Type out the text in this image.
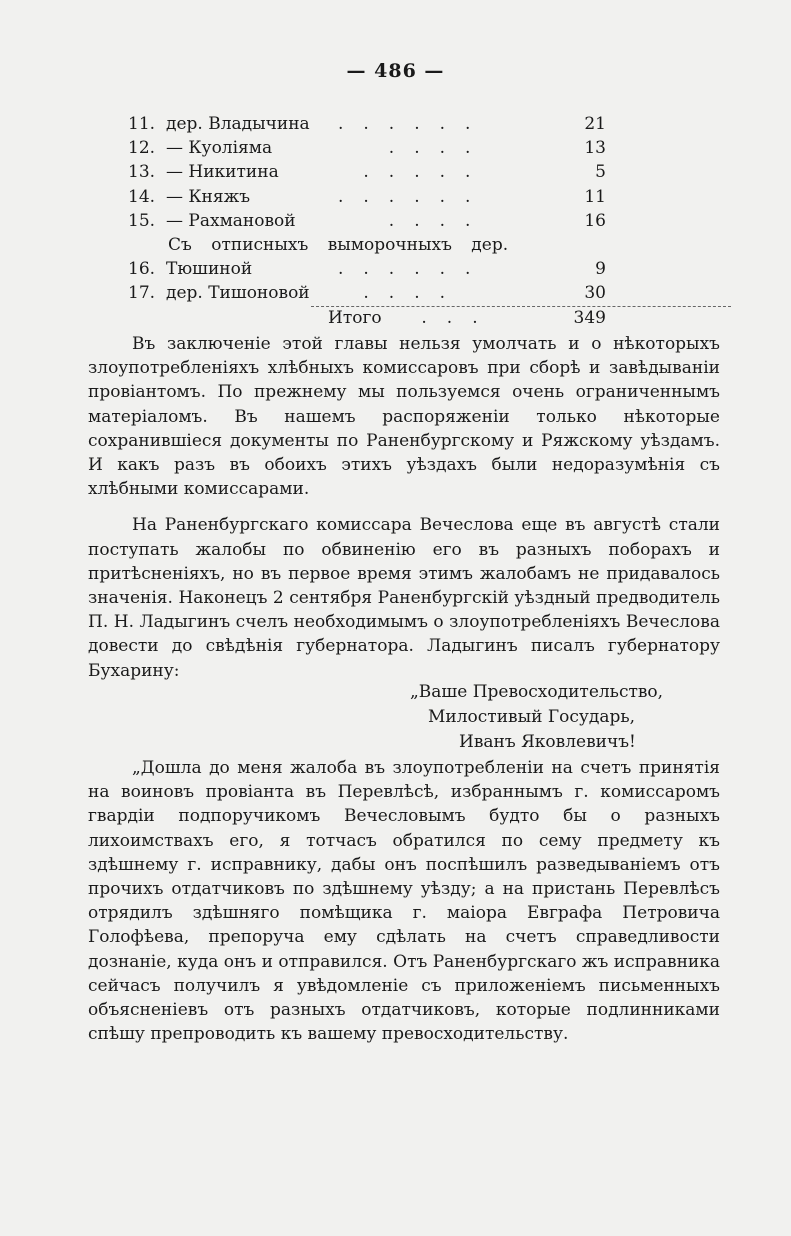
— 486 —
11. дер. Владычина ......	21
12. — Куоліяма	....	13
13. — Никитина	.....	5
14. — Княжъ	......	11
15. — Рахмановой ....	16
Съ отписныхъ выморочныхъ дер.
16. Тюшиной	......	9
17. дер. Тишоновой ....	30
Итого ...	349

Въ заключеніе этой главы нельзя умолчать и о нѣкоторыхъ злоупотребленіяхъ хлѣбныхъ комиссаровъ при сборѣ и завѣдываніи провіантомъ. По прежнему мы пользуемся очень ограниченнымъ матеріаломъ. Въ нашемъ распоряженіи только нѣкоторые сохранившіеся документы по Раненбургскому и Ряжскому уѣздамъ. И какъ разъ въ обоихъ этихъ уѣздахъ были недоразумѣнія съ хлѣбными комиссарами.

На Раненбургскаго комиссара Вечеслова еще въ августѣ стали поступать жалобы по обвиненію его въ разныхъ поборахъ и притѣсненіяхъ, но въ первое время этимъ жалобамъ не придавалось значенія. Наконецъ 2 сентября Раненбургскій уѣздный предводитель П. Н. Ладыгинъ счелъ необходимымъ о злоупотребленіяхъ Вечеслова довести до свѣдѣнія губернатора. Ладыгинъ писалъ губернатору Бухарину:

„Ваше Превосходительство,
Милостивый Государь,
Иванъ Яковлевичъ!

„Дошла до меня жалоба въ злоупотребленіи на счетъ принятія на воиновъ провіанта въ Перевлѣсѣ, избраннымъ г. комиссаромъ гвардіи подпоручикомъ Вечесловымъ будто бы о разныхъ лихоимствахъ его, я тотчасъ обратился по сему предмету къ здѣшнему г. исправнику, дабы онъ поспѣшилъ разведываніемъ отъ прочихъ отдатчиковъ по здѣшнему уѣзду; а на пристань Перевлѣсъ отрядилъ здѣшняго помѣщика г. маіора Евграфа Петровича Голофѣева, препоруча ему сдѣлать на счетъ справедливости дознаніе, куда онъ и отправился. Отъ Раненбургскаго жъ исправника сейчасъ получилъ я увѣдомленіе съ приложеніемъ письменныхъ объясненіевъ отъ разныхъ отдатчиковъ, которые подлинниками спѣшу препроводить къ вашему превосходительству.
